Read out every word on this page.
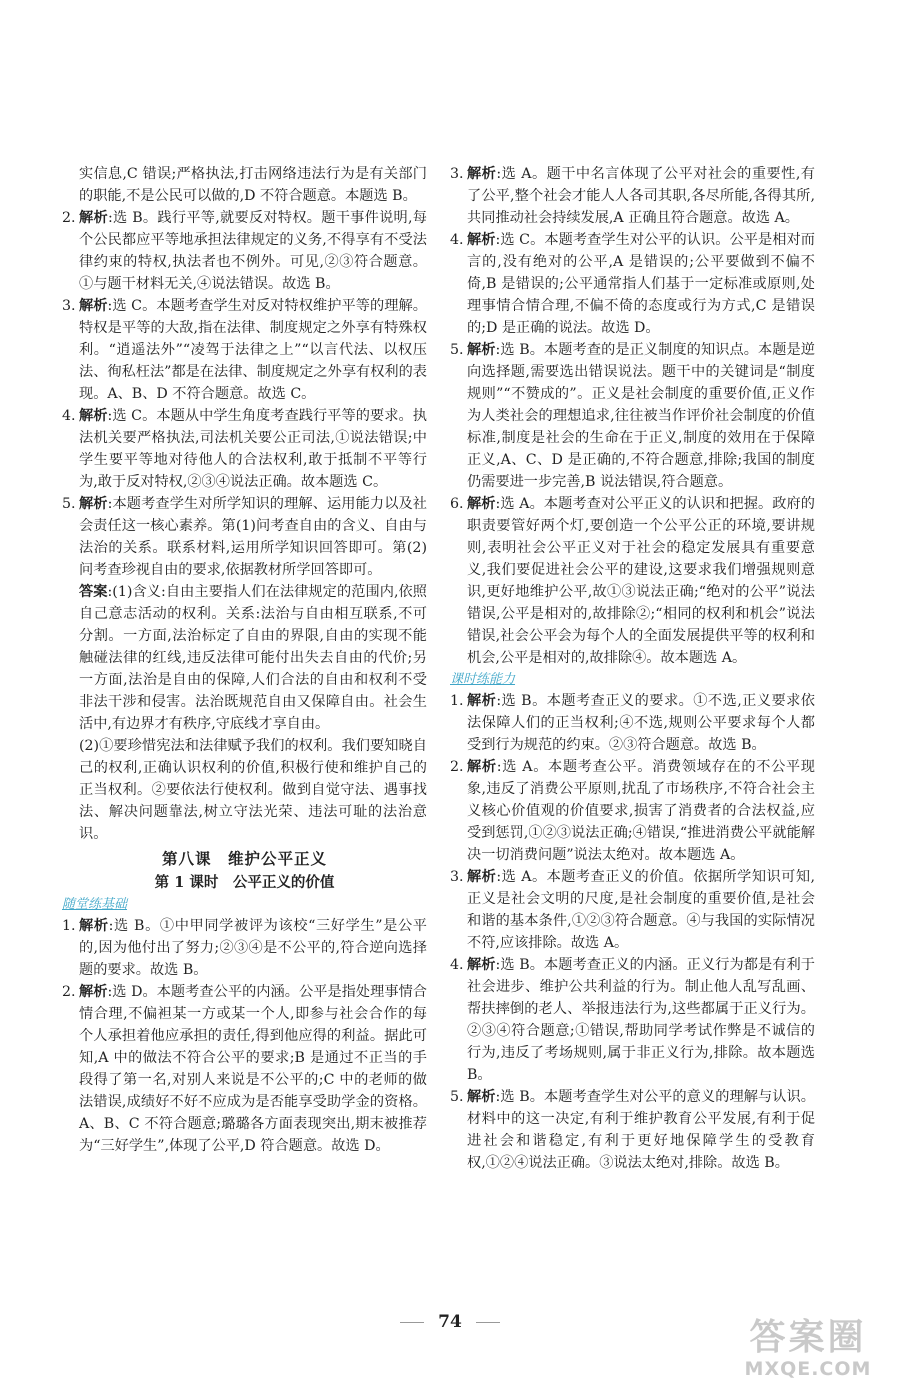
实信息,C 错误;严格执法,打击网络违法行为是有关部门的职能,不是公民可以做的,D 不符合题意。本题选 B。

2. 解析:选 B。践行平等,就要反对特权。题干事件说明,每个公民都应平等地承担法律规定的义务,不得享有不受法律约束的特权,执法者也不例外。可见,②③符合题意。①与题干材料无关,④说法错误。故选 B。

3. 解析:选 C。本题考查学生对反对特权维护平等的理解。特权是平等的大敌,指在法律、制度规定之外享有特殊权利。“逍遥法外”“凌驾于法律之上”“以言代法、以权压法、徇私枉法”都是在法律、制度规定之外享有权利的表现。A、B、D 不符合题意。故选 C。

4. 解析:选 C。本题从中学生角度考查践行平等的要求。执法机关要严格执法,司法机关要公正司法,①说法错误;中学生要平等地对待他人的合法权利,敢于抵制不平等行为,敢于反对特权,②③④说法正确。故本题选 C。

5. 解析:本题考查学生对所学知识的理解、运用能力以及社会责任这一核心素养。第(1)问考查自由的含义、自由与法治的关系。联系材料,运用所学知识回答即可。第(2)问考查珍视自由的要求,依据教材所学回答即可。

答案:(1)含义:自由主要指人们在法律规定的范围内,依照自己意志活动的权利。关系:法治与自由相互联系,不可分割。一方面,法治标定了自由的界限,自由的实现不能触碰法律的红线,违反法律可能付出失去自由的代价;另一方面,法治是自由的保障,人们合法的自由和权利不受非法干涉和侵害。法治既规范自由又保障自由。社会生活中,有边界才有秩序,守底线才享自由。

(2)①要珍惜宪法和法律赋予我们的权利。我们要知晓自己的权利,正确认识权利的价值,积极行使和维护自己的正当权利。②要依法行使权利。做到自觉守法、遇事找法、解决问题靠法,树立守法光荣、违法可耻的法治意识。

第八课　维护公平正义

第 1 课时　公平正义的价值

随堂练基础

1. 解析:选 B。①中甲同学被评为该校“三好学生”是公平的,因为他付出了努力;②③④是不公平的,符合逆向选择题的要求。故选 B。

2. 解析:选 D。本题考查公平的内涵。公平是指处理事情合情合理,不偏袒某一方或某一个人,即参与社会合作的每个人承担着他应承担的责任,得到他应得的利益。据此可知,A 中的做法不符合公平的要求;B 是通过不正当的手段得了第一名,对别人来说是不公平的;C 中的老师的做法错误,成绩好不好不应成为是否能享受助学金的资格。A、B、C 不符合题意;璐璐各方面表现突出,期末被推荐为“三好学生”,体现了公平,D 符合题意。故选 D。

3. 解析:选 A。题干中名言体现了公平对社会的重要性,有了公平,整个社会才能人人各司其职,各尽所能,各得其所,共同推动社会持续发展,A 正确且符合题意。故选 A。

4. 解析:选 C。本题考查学生对公平的认识。公平是相对而言的,没有绝对的公平,A 是错误的;公平要做到不偏不倚,B 是错误的;公平通常指人们基于一定标准或原则,处理事情合情合理,不偏不倚的态度或行为方式,C 是错误的;D 是正确的说法。故选 D。

5. 解析:选 B。本题考查的是正义制度的知识点。本题是逆向选择题,需要选出错误说法。题干中的关键词是“制度规则”“不赞成的”。正义是社会制度的重要价值,正义作为人类社会的理想追求,往往被当作评价社会制度的价值标准,制度是社会的生命在于正义,制度的效用在于保障正义,A、C、D 是正确的,不符合题意,排除;我国的制度仍需要进一步完善,B 说法错误,符合题意。

6. 解析:选 A。本题考查对公平正义的认识和把握。政府的职责要管好两个灯,要创造一个公平公正的环境,要讲规则,表明社会公平正义对于社会的稳定发展具有重要意义,我们要促进社会公平的建设,这要求我们增强规则意识,更好地维护公平,故①③说法正确;“绝对的公平”说法错误,公平是相对的,故排除②;“相同的权利和机会”说法错误,社会公平会为每个人的全面发展提供平等的权利和机会,公平是相对的,故排除④。故本题选 A。

课时练能力

1. 解析:选 B。本题考查正义的要求。①不选,正义要求依法保障人们的正当权利;④不选,规则公平要求每个人都受到行为规范的约束。②③符合题意。故选 B。

2. 解析:选 A。本题考查公平。消费领域存在的不公平现象,违反了消费公平原则,扰乱了市场秩序,不符合社会主义核心价值观的价值要求,损害了消费者的合法权益,应受到惩罚,①②③说法正确;④错误,“推进消费公平就能解决一切消费问题”说法太绝对。故本题选 A。

3. 解析:选 A。本题考查正义的价值。依据所学知识可知,正义是社会文明的尺度,是社会制度的重要价值,是社会和谐的基本条件,①②③符合题意。④与我国的实际情况不符,应该排除。故选 A。

4. 解析:选 B。本题考查正义的内涵。正义行为都是有利于社会进步、维护公共利益的行为。制止他人乱写乱画、帮扶摔倒的老人、举报违法行为,这些都属于正义行为。②③④符合题意;①错误,帮助同学考试作弊是不诚信的行为,违反了考场规则,属于非正义行为,排除。故本题选 B。

5. 解析:选 B。本题考查学生对公平的意义的理解与认识。材料中的这一决定,有利于维护教育公平发展,有利于促进社会和谐稳定,有利于更好地保障学生的受教育权,①②④说法正确。③说法太绝对,排除。故选 B。

74	答案圈
MXQE.COM
